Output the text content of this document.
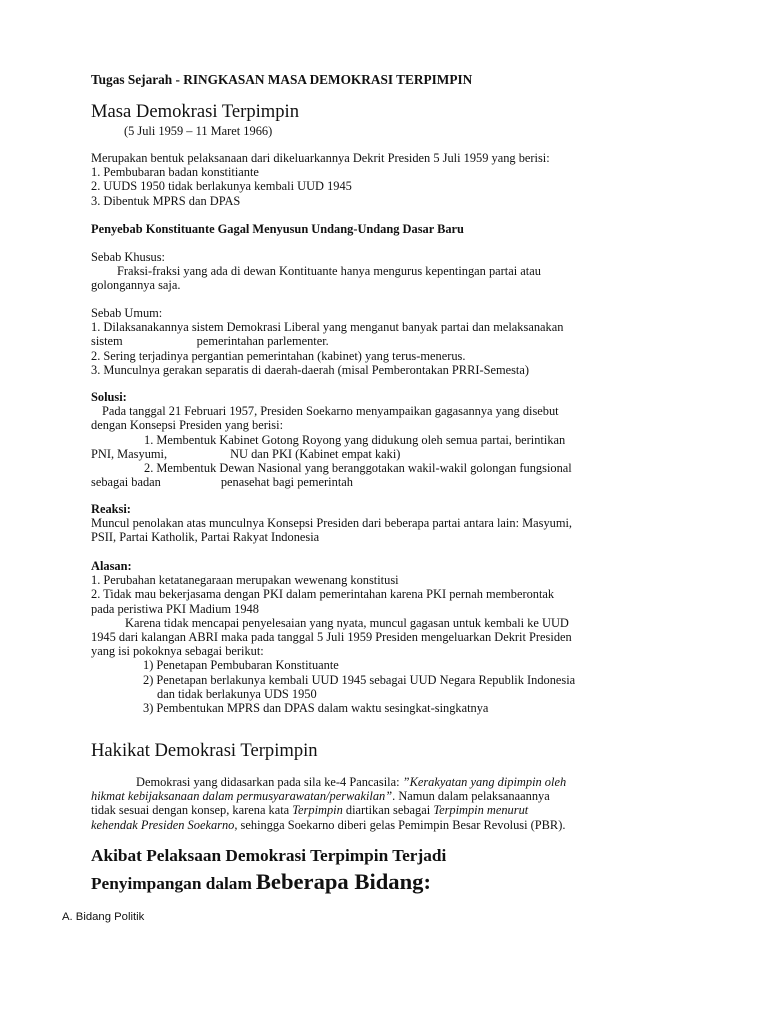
Tugas Sejarah - RINGKASAN MASA DEMOKRASI TERPIMPIN
Masa Demokrasi Terpimpin
(5 Juli 1959 – 11 Maret 1966)
Merupakan bentuk pelaksanaan dari dikeluarkannya Dekrit Presiden 5 Juli 1959 yang berisi:
1. Pembubaran badan konstitiante
2. UUDS 1950 tidak berlakunya kembali UUD 1945
3. Dibentuk MPRS dan DPAS
Penyebab Konstituante Gagal Menyusun Undang-Undang Dasar Baru
Sebab Khusus:
Fraksi-fraksi yang ada di dewan Kontituante hanya mengurus kepentingan partai atau
golongannya saja.
Sebab Umum:
1. Dilaksanakannya sistem Demokrasi Liberal yang menganut banyak partai dan melaksanakan
sistem	pemerintahan parlementer.
2. Sering terjadinya pergantian pemerintahan (kabinet) yang terus-menerus.
3. Munculnya gerakan separatis di daerah-daerah (misal Pemberontakan PRRI-Semesta)
Solusi:
Pada tanggal 21 Februari 1957, Presiden Soekarno menyampaikan gagasannya yang disebut
dengan Konsepsi Presiden yang berisi:
1. Membentuk Kabinet Gotong Royong yang didukung oleh semua partai, berintikan
PNI, Masyumi,	NU dan PKI (Kabinet empat kaki)
2. Membentuk Dewan Nasional yang beranggotakan wakil-wakil golongan fungsional
sebagai badan	penasehat bagi pemerintah
Reaksi:
Muncul penolakan atas munculnya Konsepsi Presiden dari beberapa partai antara lain: Masyumi,
PSII, Partai Katholik, Partai Rakyat Indonesia
Alasan:
1. Perubahan ketatanegaraan merupakan wewenang konstitusi
2. Tidak mau bekerjasama dengan PKI dalam pemerintahan karena PKI pernah memberontak
pada peristiwa PKI Madium 1948
Karena tidak mencapai penyelesaian yang nyata, muncul gagasan untuk kembali ke UUD
1945 dari kalangan ABRI maka pada tanggal 5 Juli 1959 Presiden mengeluarkan Dekrit Presiden
yang isi pokoknya sebagai berikut:
1) Penetapan Pembubaran Konstituante
2) Penetapan berlakunya kembali UUD 1945 sebagai UUD Negara Republik Indonesia
dan tidak berlakunya UDS 1950
3) Pembentukan MPRS dan DPAS dalam waktu sesingkat-singkatnya
Hakikat Demokrasi Terpimpin
Demokrasi yang didasarkan pada sila ke-4 Pancasila: ”Kerakyatan yang dipimpin oleh
hikmat kebijaksanaan dalam permusyarawatan/perwakilan”. Namun dalam pelaksanaannya
tidak sesuai dengan konsep, karena kata Terpimpin diartikan sebagai Terpimpin menurut
kehendak Presiden Soekarno, sehingga Soekarno diberi gelas Pemimpin Besar Revolusi (PBR).
Akibat Pelaksaan Demokrasi Terpimpin Terjadi
Penyimpangan dalam Beberapa Bidang:
A. Bidang Politik
